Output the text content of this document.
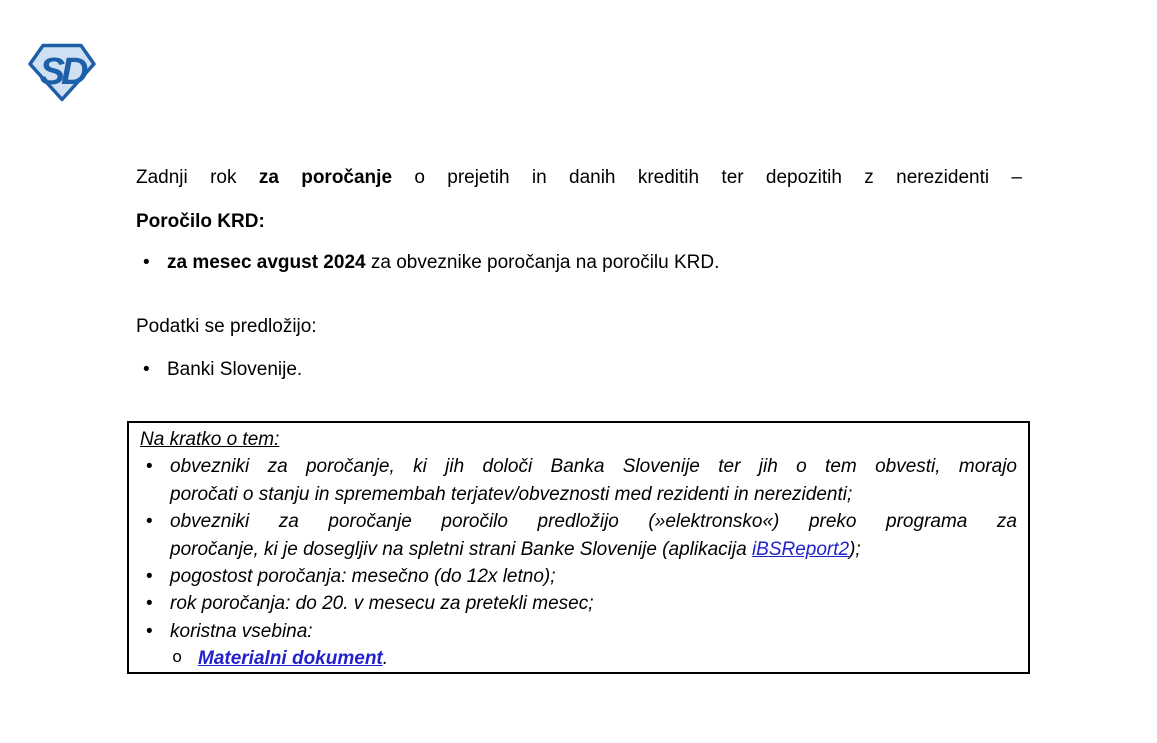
SD
Zadnji rok za poročanje o prejetih in danih kreditih ter depozitih z nerezidenti –
Poročilo KRD:
• za mesec avgust 2024 za obveznike poročanja na poročilu KRD.
Podatki se predložijo:
• Banki Slovenije.
Na kratko o tem:
• obvezniki za poročanje, ki jih določi Banka Slovenije ter jih o tem obvesti, morajo
poročati o stanju in spremembah terjatev/obveznosti med rezidenti in nerezidenti;
• obvezniki za poročanje poročilo predložijo (»elektronsko«) preko programa za
poročanje, ki je dosegljiv na spletni strani Banke Slovenije (aplikacija iBSReport2);
• pogostost poročanja: mesečno (do 12x letno);
• rok poročanja: do 20. v mesecu za pretekli mesec;
• koristna vsebina:
o Materialni dokument.
